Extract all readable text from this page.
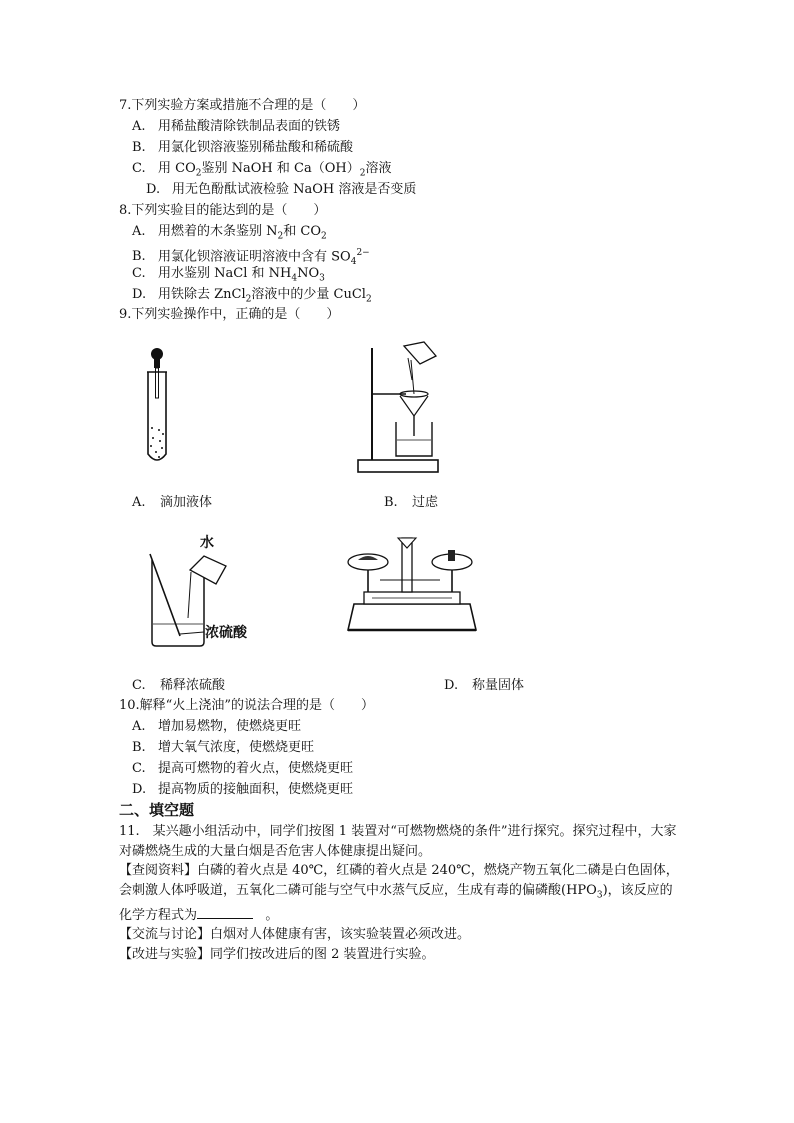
7.下列实验方案或措施不合理的是（　　）
A. 用稀盐酸清除铁制品表面的铁锈
B. 用氯化钡溶液鉴别稀盐酸和稀硫酸
C. 用 $CO_2$鉴别 NaOH 和 $Ca(OH)_2$溶液
D. 用无色酚酞试液检验 NaOH 溶液是否变质
8.下列实验目的能达到的是（　　）
A. 用燃着的木条鉴别 $N_2$和 $CO_2$
B. 用氯化钡溶液证明溶液中含有 $SO_4^{2-}$
C. 用水鉴别 NaCl 和 $NH_4NO_3$
D. 用铁除去 ZnCl$_2$溶液中的少量 CuCl$_2$
9.下列实验操作中，正确的是（　　）
A. 滴加液体	B. 过虑
水
浓硫酸
C. 稀释浓硫酸	D. 称量固体
10.解释“火上浇油”的说法合理的是（　　）
A. 增加易燃物，使燃烧更旺
B. 增大氧气浓度，使燃烧更旺
C. 提高可燃物的着火点，使燃烧更旺
D. 提高物质的接触面积，使燃烧更旺
二、填空题
11.　某兴趣小组活动中，同学们按图 1 装置对“可燃物燃烧的条件”进行探究。探究过程中，大家对磷燃烧生成的大量白烟是否危害人体健康提出疑问。
【查阅资料】白磷的着火点是 40℃，红磷的着火点是 240℃，燃烧产物五氧化二磷是白色固体，会刺激人体呼吸道，五氧化二磷可能与空气中水蒸气反应，生成有毒的偏磷酸$(HPO_3)$，该反应的化学方程式为	。
【交流与讨论】白烟对人体健康有害，该实验装置必须改进。
【改进与实验】同学们按改进后的图 2 装置进行实验。
